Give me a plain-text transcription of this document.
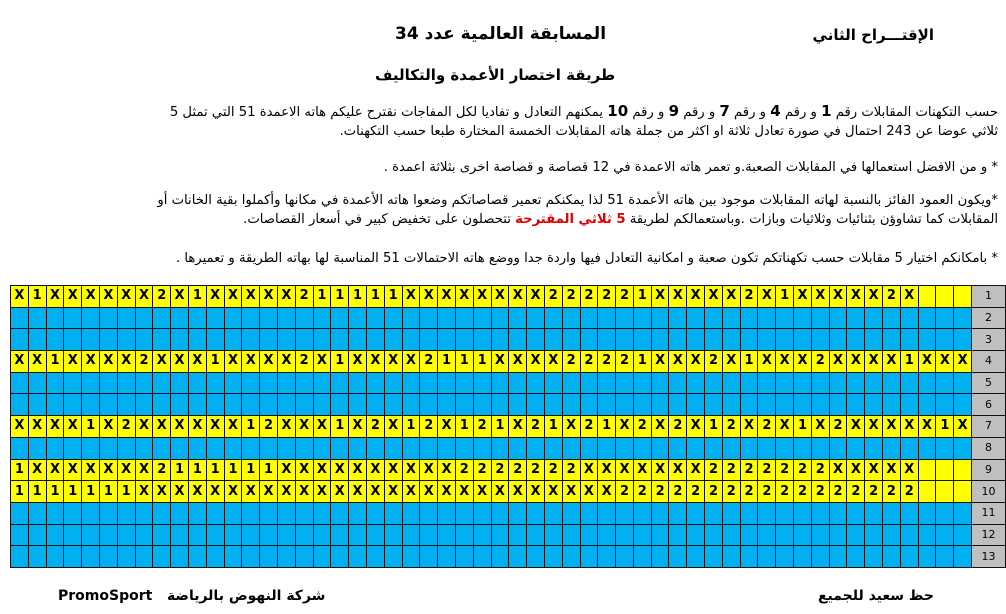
الإقتـــراح الثاني
المسابقة العالمية عدد 34
طريقة اختصار الأعمدة والتكاليف
حسب التكهنات المقابلات رقم 1 و رقم 4 و رقم 7 و رقم 9 و رقم 10 يمكنهم التعادل و تفاديا لكل المفاجات نقترح عليكم هاته الاعمدة 51 التي تمثل 5
ثلاثي عوضا عن 243 احتمال في صورة تعادل ثلاثة او اكثر من جملة هاته المقابلات الخمسة المختارة طبعا حسب التكهنات.
* و من الافضل استعمالها في المقابلات الصعبة.و تعمر هاته الاعمدة في 12 قصاصة و قصاصة اخرى بثلاثة اعمدة .
*ويكون العمود الفائز بالنسبة لهاته المقابلات موجود بين هاته الأعمدة 51 لذا يمكنكم تعمير قصاصاتكم وضعوا هاته الأعمدة في مكانها وأكملوا بقية الخانات أو
المقابلات كما تشاوؤن بثنائيات وثلاثيات وبازات .وباستعمالكم لطريقة 5 ثلاثي المقترحة تتحصلون على تخفيض كبير في أسعار القصاصات.
* بامكانكم اختيار 5 مقابلات حسب تكهناتكم تكون صعبة و امكانية التعادل فيها واردة جدا ووضع هاته الاحتمالات 51 المناسبة لها بهاته الطريقة و تعميرها .
X	1	X	X	X	X	X	X	2	X	1	X	X	X	X	X	2	1	1	1	1	1	X	X	X	X	X	X	X	X	2	2	2	2	2	1	X	X	X	X	X	2	X	1	X	X	X	X	X	2	X				1
																																																						2
																																																						3
X	X	1	X	X	X	X	2	X	X	X	1	X	X	X	X	2	X	1	X	X	X	X	2	1	1	1	X	X	X	X	2	2	2	2	1	X	X	X	2	X	1	X	X	X	2	X	X	X	X	1	X	X	X	4
																																																						5
																																																						6
X	X	X	X	1	X	2	X	X	X	X	X	X	1	2	X	X	X	1	X	2	X	1	2	X	1	2	1	X	2	1	X	2	1	X	2	X	2	X	1	2	X	2	X	1	X	2	X	X	X	X	X	1	X	7
																																																						8
1	X	X	X	X	X	X	X	2	1	1	1	1	1	1	X	X	X	X	X	X	X	X	X	X	2	2	2	2	2	2	2	X	X	X	X	X	X	X	2	2	2	2	2	2	2	X	X	X	X	X				9
1	1	1	1	1	1	1	X	X	X	X	X	X	X	X	X	X	X	X	X	X	X	X	X	X	X	X	X	X	X	X	X	X	X	2	2	2	2	2	2	2	2	2	2	2	2	2	2	2	2	2				10
																																																						11
																																																						12
																																																						13
حظ سعيد للجميع
PromoSport شركة النهوض بالرياضة
